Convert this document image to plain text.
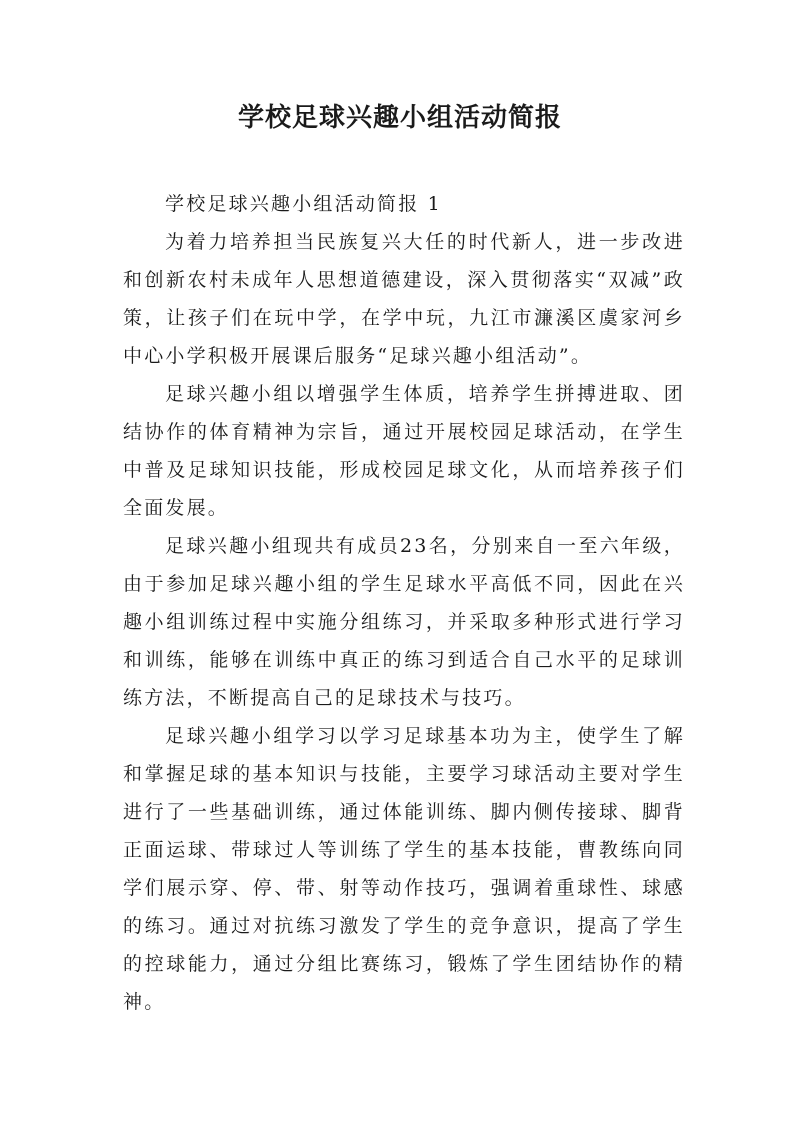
学校足球兴趣小组活动简报

学校足球兴趣小组活动简报 1

为着力培养担当民族复兴大任的时代新人，进一步改进和创新农村未成年人思想道德建设，深入贯彻落实“双减”政策，让孩子们在玩中学，在学中玩，九江市濂溪区虞家河乡中心小学积极开展课后服务“足球兴趣小组活动”。

足球兴趣小组以增强学生体质，培养学生拼搏进取、团结协作的体育精神为宗旨，通过开展校园足球活动，在学生中普及足球知识技能，形成校园足球文化，从而培养孩子们全面发展。

足球兴趣小组现共有成员23名，分别来自一至六年级，由于参加足球兴趣小组的学生足球水平高低不同，因此在兴趣小组训练过程中实施分组练习，并采取多种形式进行学习和训练，能够在训练中真正的练习到适合自己水平的足球训练方法，不断提高自己的足球技术与技巧。

足球兴趣小组学习以学习足球基本功为主，使学生了解和掌握足球的基本知识与技能，主要学习球活动主要对学生进行了一些基础训练，通过体能训练、脚内侧传接球、脚背正面运球、带球过人等训练了学生的基本技能，曹教练向同学们展示穿、停、带、射等动作技巧，强调着重球性、球感的练习。通过对抗练习激发了学生的竞争意识，提高了学生的控球能力，通过分组比赛练习，锻炼了学生团结协作的精神。
